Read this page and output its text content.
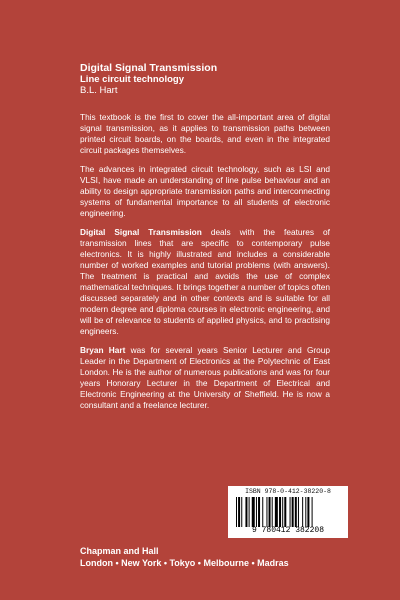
Digital Signal Transmission
Line circuit technology
B.L. Hart

This textbook is the first to cover the all-important area of digital signal transmission, as it applies to transmission paths between printed circuit boards, on the boards, and even in the integrated circuit packages themselves.

The advances in integrated circuit technology, such as LSI and VLSI, have made an understanding of line pulse behaviour and an ability to design appropriate transmission paths and interconnecting systems of fundamental importance to all students of electronic engineering.

Digital Signal Transmission deals with the features of transmission lines that are specific to contemporary pulse electronics. It is highly illustrated and includes a considerable number of worked examples and tutorial problems (with answers). The treatment is practical and avoids the use of complex mathematical techniques. It brings together a number of topics often discussed separately and in other contexts and is suitable for all modern degree and diploma courses in electronic engineering, and will be of relevance to students of applied physics, and to practising engineers.

Bryan Hart was for several years Senior Lecturer and Group Leader in the Department of Electronics at the Polytechnic of East London. He is the author of numerous publications and was for four years Honorary Lecturer in the Department of Electrical and Electronic Engineering at the University of Sheffield. He is now a consultant and a freelance lecturer.

ISBN 978-0-412-38220-8
9 780412 382208
Chapman and Hall
London • New York • Tokyo • Melbourne • Madras
